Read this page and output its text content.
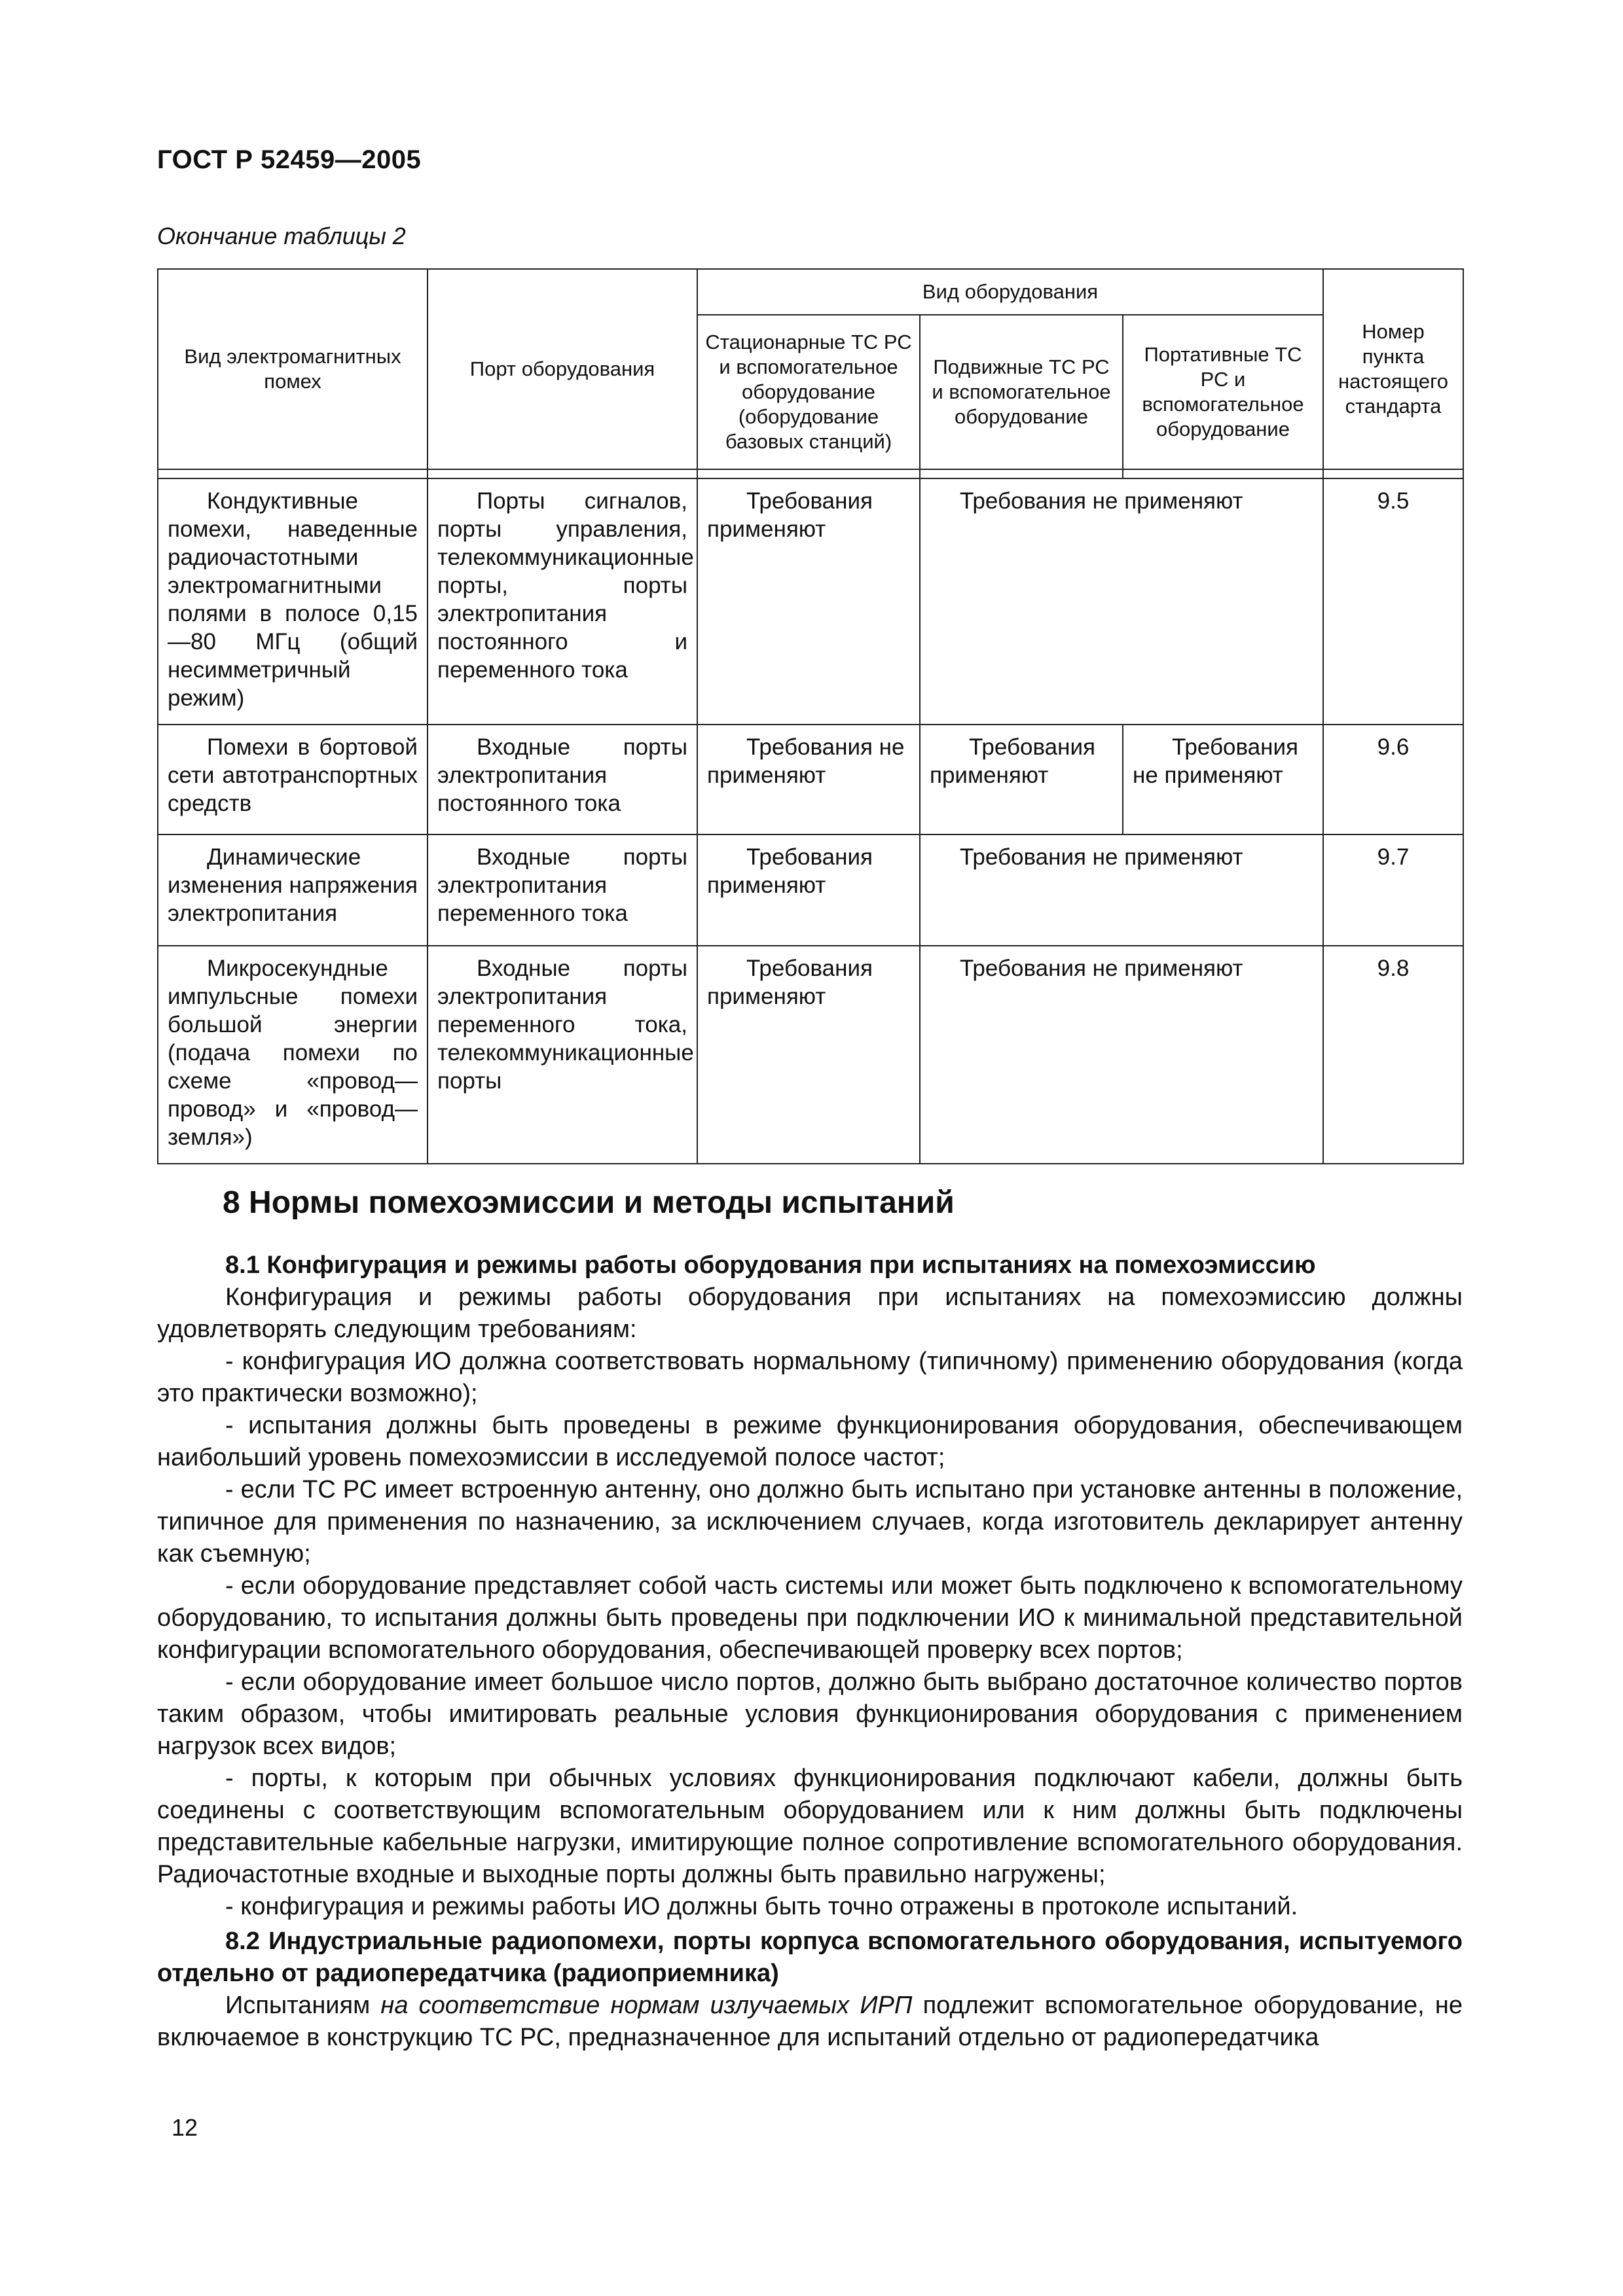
ГОСТ Р 52459—2005
Окончание таблицы 2
Вид электромагнитных помех	Порт оборудования	Вид оборудования			Номер пункта настоящего стандарта
		Стационарные ТС РС и вспомогательное оборудование (оборудование базовых станций)	Подвижные ТС РС и вспомогательное оборудование	Портативные ТС РС и вспомогательное оборудование	

Кондуктивные помехи, наведенные радиочастотными электромагнитными полями в полосе 0,15—80 МГц (общий несимметричный режим)	Порты сигналов, порты управления, телекоммуникационные порты, порты электропитания постоянного и переменного тока	Требования применяют	Требования не применяют		9.5
Помехи в бортовой сети автотранспортных средств	Входные порты электропитания постоянного тока	Требования не применяют	Требования применяют	Требования не применяют	9.6
Динамические изменения напряжения электропитания	Входные порты электропитания переменного тока	Требования применяют	Требования не применяют		9.7
Микросекундные импульсные помехи большой энергии (подача помехи по схеме «провод—провод» и «провод—земля»)	Входные порты электропитания переменного тока, телекоммуникационные порты	Требования применяют	Требования не применяют		9.8
8 Нормы помехоэмиссии и методы испытаний

8.1 Конфигурация и режимы работы оборудования при испытаниях на помехоэмиссию

Конфигурация и режимы работы оборудования при испытаниях на помехоэмиссию должны удовлетворять следующим требованиям:

- конфигурация ИО должна соответствовать нормальному (типичному) применению оборудования (когда это практически возможно);

- испытания должны быть проведены в режиме функционирования оборудования, обеспечивающем наибольший уровень помехоэмиссии в исследуемой полосе частот;

- если ТС РС имеет встроенную антенну, оно должно быть испытано при установке антенны в положение, типичное для применения по назначению, за исключением случаев, когда изготовитель декларирует антенну как съемную;

- если оборудование представляет собой часть системы или может быть подключено к вспомогательному оборудованию, то испытания должны быть проведены при подключении ИО к минимальной представительной конфигурации вспомогательного оборудования, обеспечивающей проверку всех портов;

- если оборудование имеет большое число портов, должно быть выбрано достаточное количество портов таким образом, чтобы имитировать реальные условия функционирования оборудования с применением нагрузок всех видов;

- порты, к которым при обычных условиях функционирования подключают кабели, должны быть соединены с соответствующим вспомогательным оборудованием или к ним должны быть подключены представительные кабельные нагрузки, имитирующие полное сопротивление вспомогательного оборудования. Радиочастотные входные и выходные порты должны быть правильно нагружены;

- конфигурация и режимы работы ИО должны быть точно отражены в протоколе испытаний.

8.2 Индустриальные радиопомехи, порты корпуса вспомогательного оборудования, испытуемого отдельно от радиопередатчика (радиоприемника)

Испытаниям на соответствие нормам излучаемых ИРП подлежит вспомогательное оборудование, не включаемое в конструкцию ТС РС, предназначенное для испытаний отдельно от радиопередатчика

12
